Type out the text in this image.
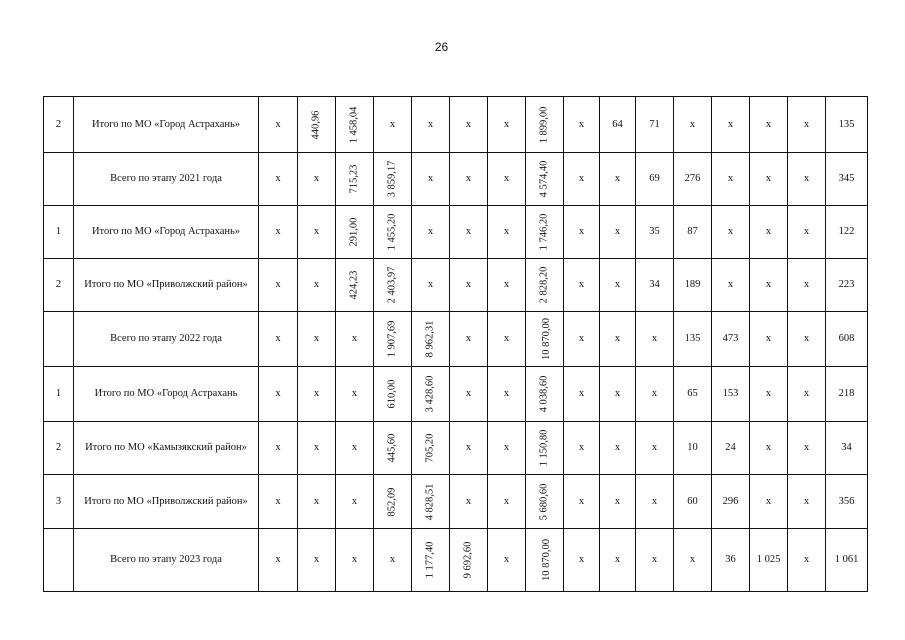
26
2	Итого по МО «Город Астрахань»	x	440,96	1 458,04	x	x	x	x	1 899,00	x	64	71	x	x	x	x	135
	Всего по этапу 2021 года	x	x	715,23	3 859,17	x	x	x	4 574,40	x	x	69	276	x	x	x	345
1	Итого по МО «Город Астрахань»	x	x	291,00	1 455,20	x	x	x	1 746,20	x	x	35	87	x	x	x	122
2	Итого по МО «Приволжский район»	x	x	424,23	2 403,97	x	x	x	2 828,20	x	x	34	189	x	x	x	223
	Всего по этапу 2022 года	x	x	x	1 907,69	8 962,31	x	x	10 870,00	x	x	x	135	473	x	x	608
1	Итого по МО «Город Астрахань	x	x	x	610,00	3 428,60	x	x	4 038,60	x	x	x	65	153	x	x	218
2	Итого по МО «Камызякский район»	x	x	x	445,60	705,20	x	x	1 150,80	x	x	x	10	24	x	x	34
3	Итого по МО «Приволжский район»	x	x	x	852,09	4 828,51	x	x	5 680,60	x	x	x	60	296	x	x	356
	Всего по этапу 2023 года	x	x	x	x	1 177,40	9 692,60	x	10 870,00	x	x	x	x	36	1 025	x	1 061
